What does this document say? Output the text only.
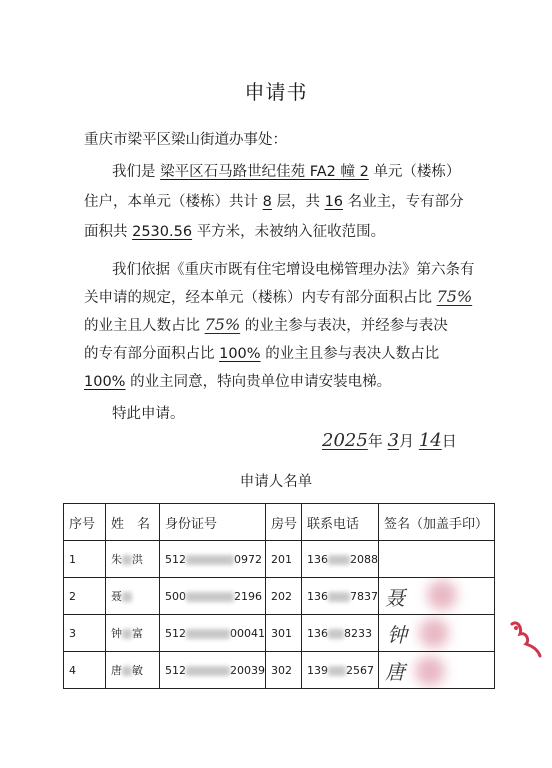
申请书
重庆市梁平区梁山街道办事处：
我们是 梁平区石马路世纪佳苑 FA2 幢 2 单元（楼栋）
住户，本单元（楼栋）共计 8 层，共 16 名业主，专有部分
面积共 2530.56 平方米，未被纳入征收范围。
我们依据《重庆市既有住宅增设电梯管理办法》第六条有
关申请的规定，经本单元（楼栋）内专有部分面积占比 75%
的业主且人数占比 75% 的业主参与表决，并经参与表决
的专有部分面积占比 100% 的业主且参与表决人数占比
100% 的业主同意，特向贵单位申请安装电梯。
特此申请。
2025年 3月 14日
申请人名单
序号	姓　名	身份证号	房号	联系电话	签名（加盖手印）
1	朱 洪	512 0972	201	136 2088	
2	聂	500 2196	202	136 7837	聂

3	钟 富	512 00041	301	136 8233	钟

4	唐 敏	512 20039	302	139 2567	唐
